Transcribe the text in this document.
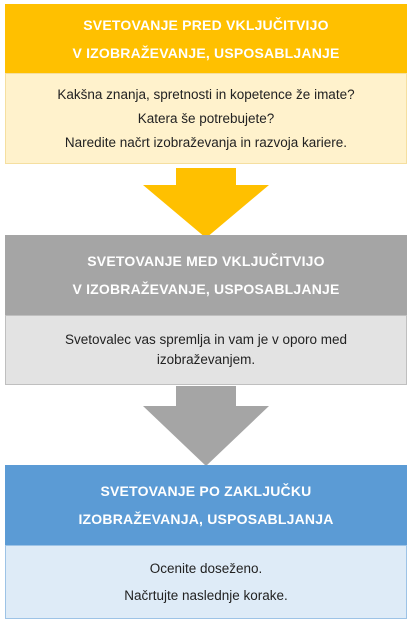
SVETOVANJE PRED VKLJUČITVIJO
V IZOBRAŽEVANJE, USPOSABLJANJE
Kakšna znanja, spretnosti in kopetence že imate?
Katera še potrebujete?
Naredite načrt izobraževanja in razvoja kariere.
SVETOVANJE MED VKLJUČITVIJO
V IZOBRAŽEVANJE, USPOSABLJANJE
Svetovalec vas spremlja in vam je v oporo med
izobraževanjem.
SVETOVANJE PO ZAKLJUČKU
IZOBRAŽEVANJA, USPOSABLJANJA
Ocenite doseženo.
Načrtujte naslednje korake.
